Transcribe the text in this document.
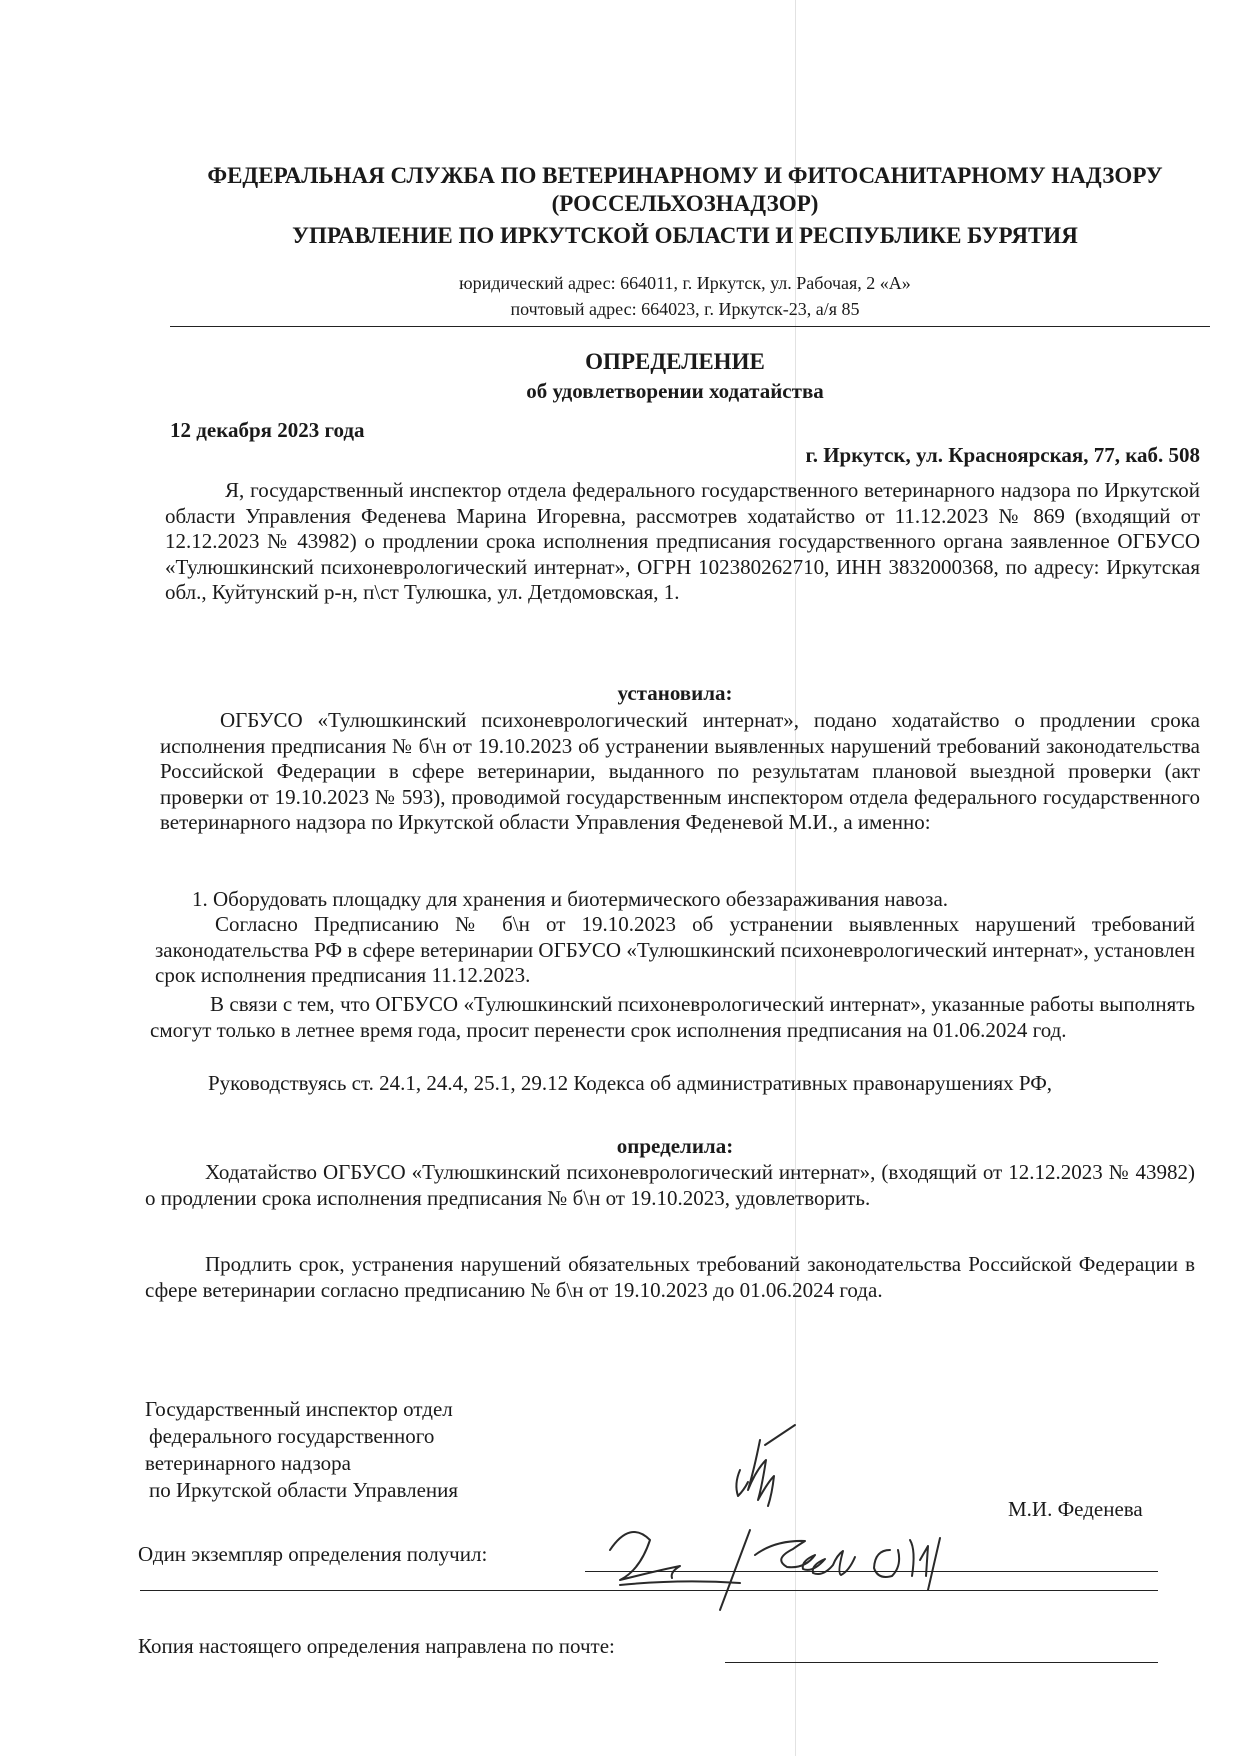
ФЕДЕРАЛЬНАЯ СЛУЖБА ПО ВЕТЕРИНАРНОМУ И ФИТОСАНИТАРНОМУ НАДЗОРУ
(РОССЕЛЬХОЗНАДЗОР)
УПРАВЛЕНИЕ ПО ИРКУТСКОЙ ОБЛАСТИ И РЕСПУБЛИКЕ БУРЯТИЯ
юридический адрес: 664011, г. Иркутск, ул. Рабочая, 2 «А»
почтовый адрес: 664023, г. Иркутск-23, а/я 85
ОПРЕДЕЛЕНИЕ
об удовлетворении ходатайства
12 декабря 2023 года
г. Иркутск, ул. Красноярская, 77, каб. 508
Я, государственный инспектор отдела федерального государственного ветеринарного надзора по Иркутской области Управления Феденева Марина Игоревна, рассмотрев ходатайство от 11.12.2023 № 869 (входящий от 12.12.2023 № 43982) о продлении срока исполнения предписания государственного органа заявленное ОГБУСО «Тулюшкинский психоневрологический интернат», ОГРН 102380262710, ИНН 3832000368, по адресу: Иркутская обл., Куйтунский р-н, п\ст Тулюшка, ул. Детдомовская, 1.
установила:
ОГБУСО «Тулюшкинский психоневрологический интернат», подано ходатайство о продлении срока исполнения предписания № б\н от 19.10.2023 об устранении выявленных нарушений требований законодательства Российской Федерации в сфере ветеринарии, выданного по результатам плановой выездной проверки (акт проверки от 19.10.2023 № 593), проводимой государственным инспектором отдела федерального государственного ветеринарного надзора по Иркутской области Управления Феденевой М.И., а именно:
1. Оборудовать площадку для хранения и биотермического обеззараживания навоза.
Согласно Предписанию № б\н от 19.10.2023 об устранении выявленных нарушений требований законодательства РФ в сфере ветеринарии ОГБУСО «Тулюшкинский психоневрологический интернат», установлен срок исполнения предписания 11.12.2023.
В связи с тем, что ОГБУСО «Тулюшкинский психоневрологический интернат», указанные работы выполнять смогут только в летнее время года, просит перенести срок исполнения предписания на 01.06.2024 год.
Руководствуясь ст. 24.1, 24.4, 25.1, 29.12 Кодекса об административных правонарушениях РФ,
определила:
Ходатайство ОГБУСО «Тулюшкинский психоневрологический интернат», (входящий от 12.12.2023 № 43982) о продлении срока исполнения предписания № б\н от 19.10.2023, удовлетворить.
Продлить срок, устранения нарушений обязательных требований законодательства Российской Федерации в сфере ветеринарии согласно предписанию № б\н от 19.10.2023 до 01.06.2024 года.
Государственный инспектор отдел
федерального государственного
ветеринарного надзора
по Иркутской области Управления
М.И. Феденева
Один экземпляр определения получил:
Копия настоящего определения направлена по почте:
